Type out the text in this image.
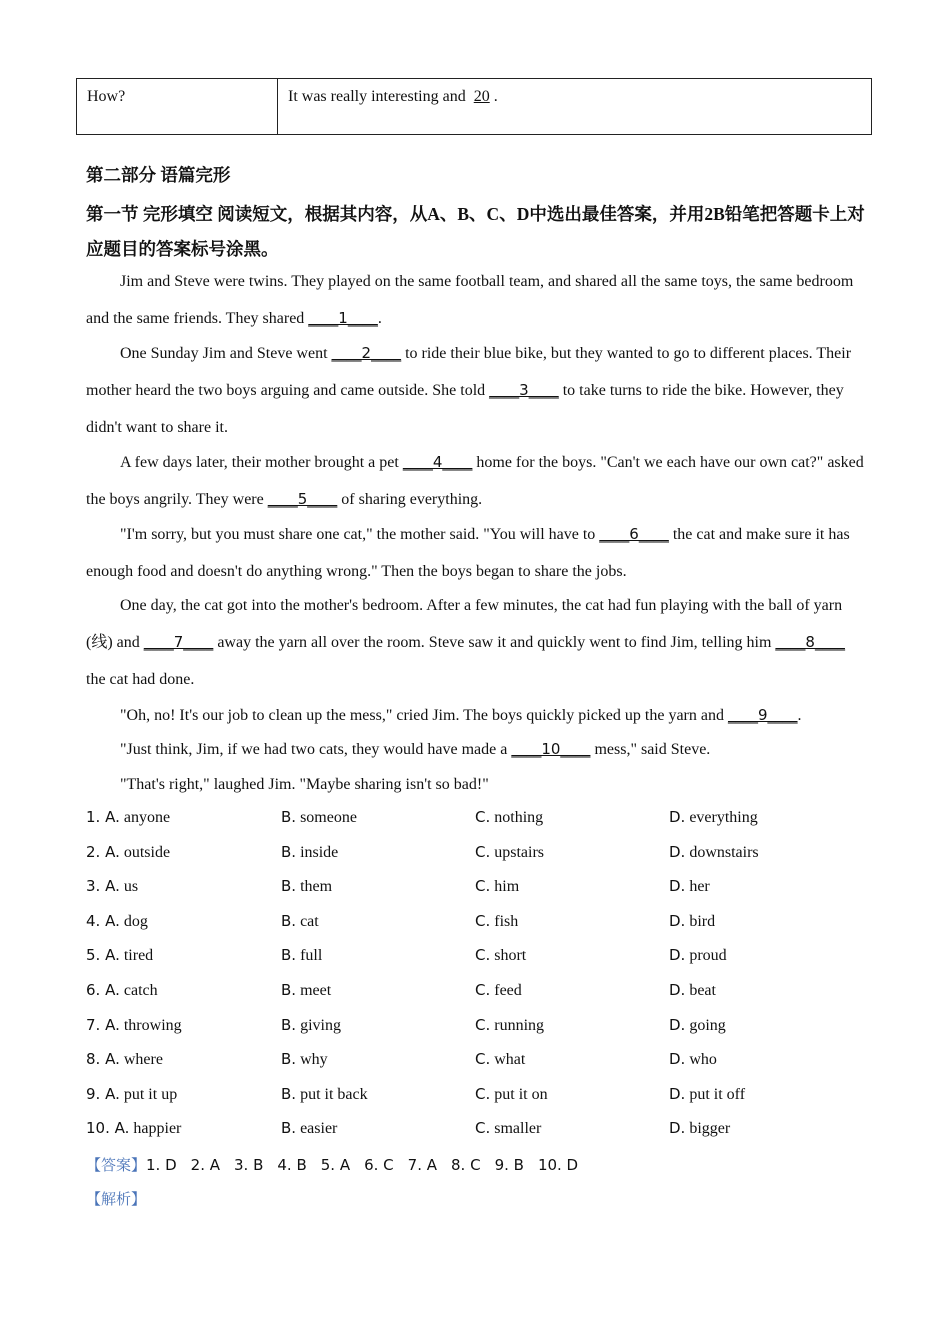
How?	It was really interesting and 20 .
第二部分 语篇完形
第一节 完形填空 阅读短文，根据其内容，从A、B、C、D中选出最佳答案，并用2B铅笔把答题卡上对应题目的答案标号涂黑。
Jim and Steve were twins. They played on the same football team, and shared all the same toys, the same bedroom and the same friends. They shared ____1____.
One Sunday Jim and Steve went ____2____ to ride their blue bike, but they wanted to go to different places. Their mother heard the two boys arguing and came outside. She told ____3____ to take turns to ride the bike. However, they didn't want to share it.
A few days later, their mother brought a pet ____4____ home for the boys. "Can't we each have our own cat?" asked the boys angrily. They were ____5____ of sharing everything.
"I'm sorry, but you must share one cat," the mother said. "You will have to ____6____ the cat and make sure it has enough food and doesn't do anything wrong." Then the boys began to share the jobs.
One day, the cat got into the mother's bedroom. After a few minutes, the cat had fun playing with the ball of yarn (线) and ____7____ away the yarn all over the room. Steve saw it and quickly went to find Jim, telling him ____8____ the cat had done.
"Oh, no! It's our job to clean up the mess," cried Jim. The boys quickly picked up the yarn and ____9____.
"Just think, Jim, if we had two cats, they would have made a ____10____ mess," said Steve.
"That's right," laughed Jim. "Maybe sharing isn't so bad!"
1. A. anyone	B. someone	C. nothing	D. everything
2. A. outside	B. inside	C. upstairs	D. downstairs
3. A. us	B. them	C. him	D. her
4. A. dog	B. cat	C. fish	D. bird
5. A. tired	B. full	C. short	D. proud
6. A. catch	B. meet	C. feed	D. beat
7. A. throwing	B. giving	C. running	D. going
8. A. where	B. why	C. what	D. who
9. A. put it up	B. put it back	C. put it on	D. put it off
10. A. happier	B. easier	C. smaller	D. bigger
【答案】1. D 2. A 3. B 4. B 5. A 6. C 7. A 8. C 9. B 10. D
【解析】
